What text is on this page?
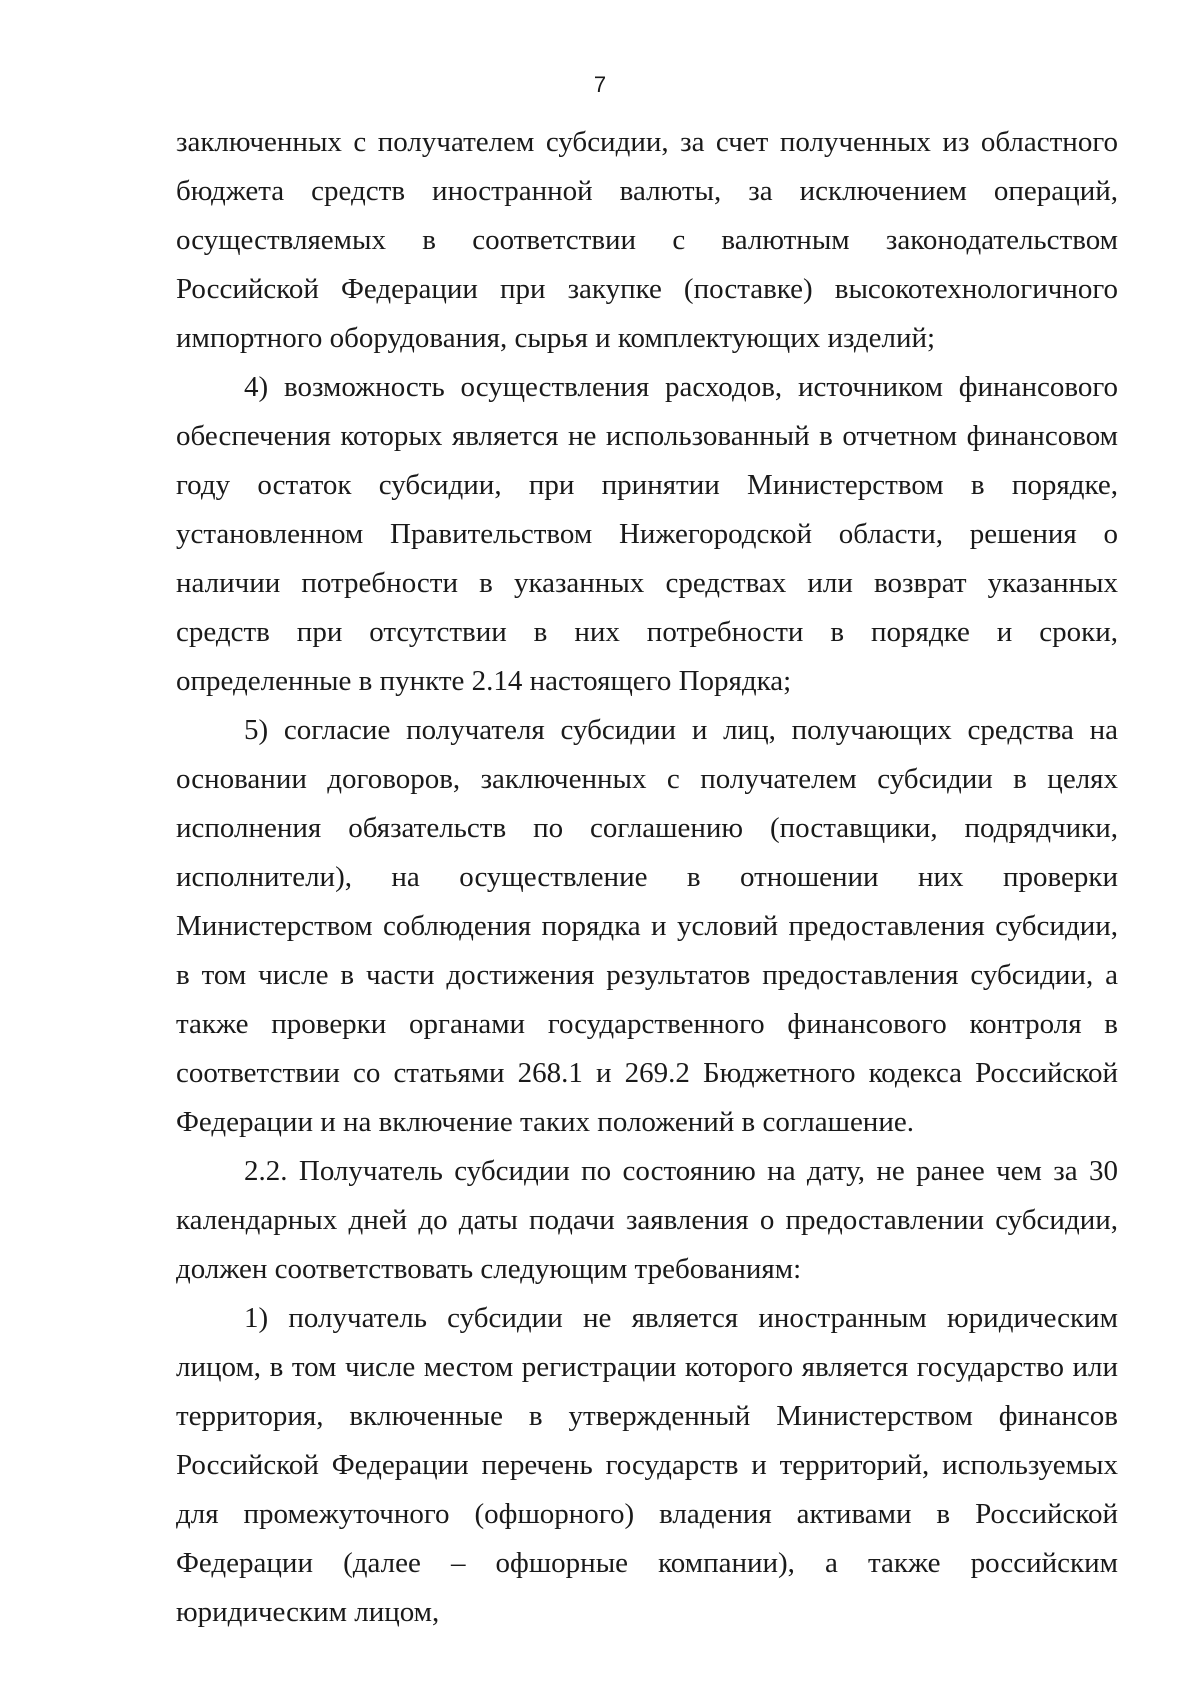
7

заключенных с получателем субсидии, за счет полученных из областного бюджета средств иностранной валюты, за исключением операций, осуществляемых в соответствии с валютным законодательством Российской Федерации при закупке (поставке) высокотехнологичного импортного оборудования, сырья и комплектующих изделий;

4) возможность осуществления расходов, источником финансового обеспечения которых является не использованный в отчетном финансовом году остаток субсидии, при принятии Министерством в порядке, установленном Правительством Нижегородской области, решения о наличии потребности в указанных средствах или возврат указанных средств при отсутствии в них потребности в порядке и сроки, определенные в пункте 2.14 настоящего Порядка;

5) согласие получателя субсидии и лиц, получающих средства на основании договоров, заключенных с получателем субсидии в целях исполнения обязательств по соглашению (поставщики, подрядчики, исполнители), на осуществление в отношении них проверки Министерством соблюдения порядка и условий предоставления субсидии, в том числе в части достижения результатов предоставления субсидии, а также проверки органами государственного финансового контроля в соответствии со статьями 268.1 и 269.2 Бюджетного кодекса Российской Федерации и на включение таких положений в соглашение.

2.2. Получатель субсидии по состоянию на дату, не ранее чем за 30 календарных дней до даты подачи заявления о предоставлении субсидии, должен соответствовать следующим требованиям:

1) получатель субсидии не является иностранным юридическим лицом, в том числе местом регистрации которого является государство или территория, включенные в утвержденный Министерством финансов Российской Федерации перечень государств и территорий, используемых для промежуточного (офшорного) владения активами в Российской Федерации (далее – офшорные компании), а также российским юридическим лицом,
